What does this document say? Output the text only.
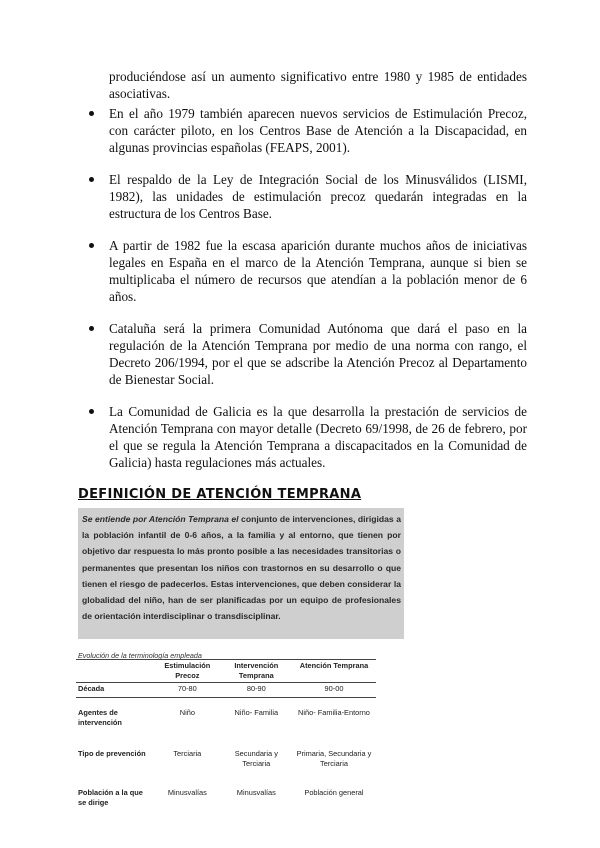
produciéndose así un aumento significativo entre 1980 y 1985 de entidades asociativas.
En el año 1979 también aparecen nuevos servicios de Estimulación Precoz, con carácter piloto, en los Centros Base de Atención a la Discapacidad, en algunas provincias españolas (FEAPS, 2001).
El respaldo de la Ley de Integración Social de los Minusválidos (LISMI, 1982), las unidades de estimulación precoz quedarán integradas en la estructura de los Centros Base.
A partir de 1982 fue la escasa aparición durante muchos años de iniciativas legales en España en el marco de la Atención Temprana, aunque si bien se multiplicaba el número de recursos que atendían a la población menor de 6 años.
Cataluña será la primera Comunidad Autónoma que dará el paso en la regulación de la Atención Temprana por medio de una norma con rango, el Decreto 206/1994, por el que se adscribe la Atención Precoz al Departamento de Bienestar Social.
La Comunidad de Galicia es la que desarrolla la prestación de servicios de Atención Temprana con mayor detalle (Decreto 69/1998, de 26 de febrero, por el que se regula la Atención Temprana a discapacitados en la Comunidad de Galicia) hasta regulaciones más actuales.
DEFINICIÓN DE ATENCIÓN TEMPRANA

Se entiende por Atención Temprana el conjunto de intervenciones, dirigidas a la población infantil de 0-6 años, a la familia y al entorno, que tienen por objetivo dar respuesta lo más pronto posible a las necesidades transitorias o permanentes que presentan los niños con trastornos en su desarrollo o que tienen el riesgo de padecerlos. Estas intervenciones, que deben considerar la globalidad del niño, han de ser planificadas por un equipo de profesionales de orientación interdisciplinar o transdisciplinar.

Evolución de la terminología empleada
	Estimulación Precoz	Intervención Temprana	Atención Temprana
Década	70-80	80-90	90-00
Agentes de intervención	Niño	Niño- Familia	Niño- Familia-Entorno
Tipo de prevención	Terciaria	Secundaria y Terciaria	Primaria, Secundaria y Terciaria
Población a la que se dirige	Minusvalías	Minusvalías	Población general
